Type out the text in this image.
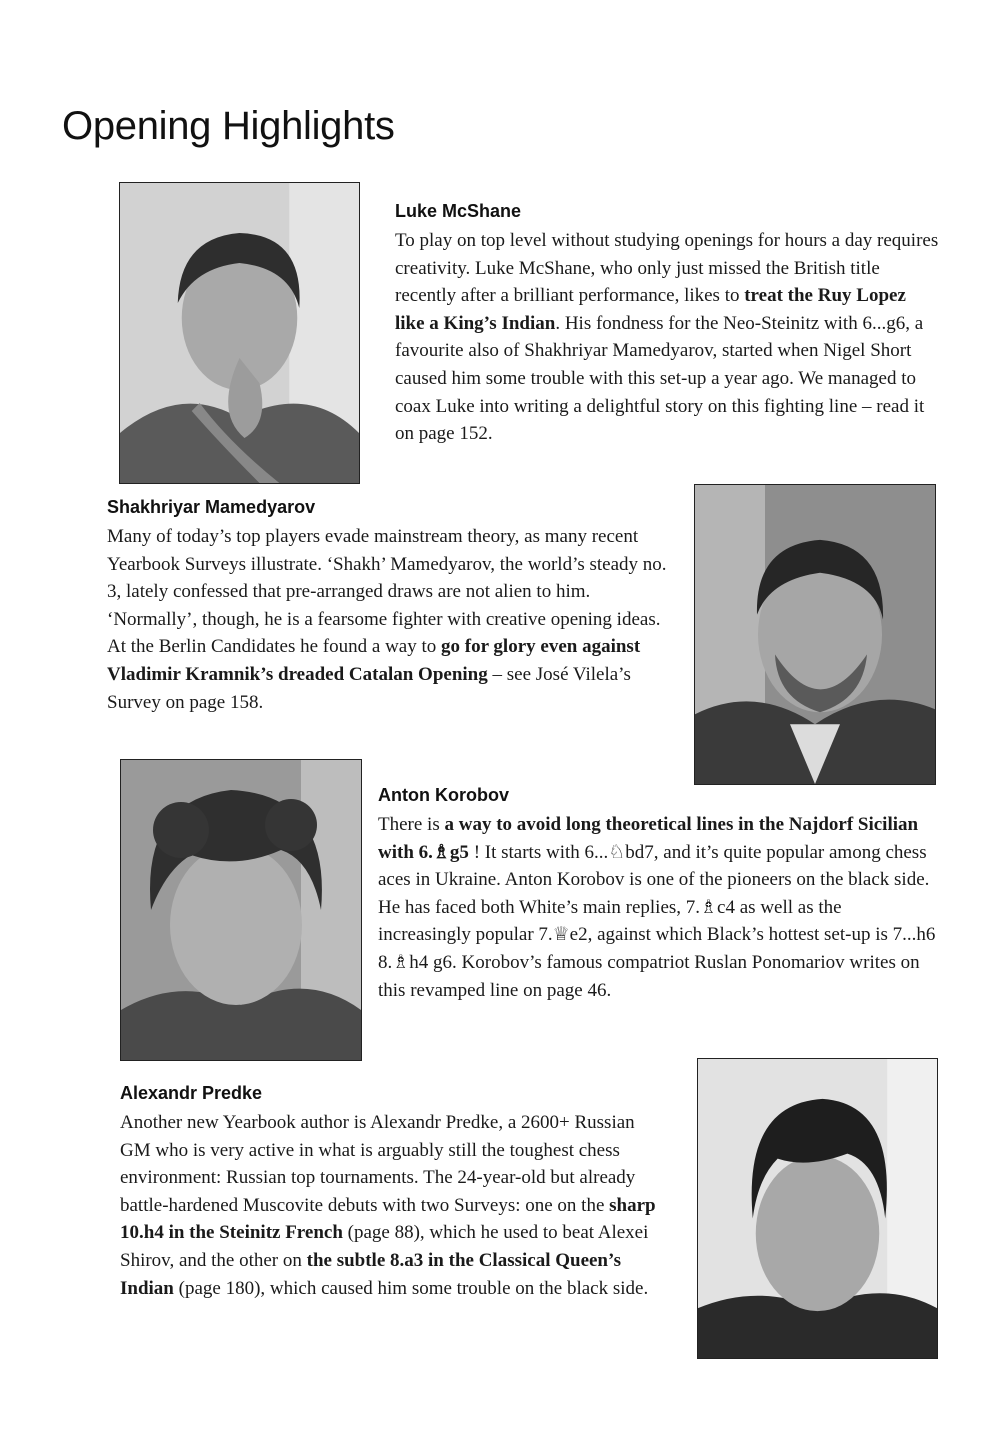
Opening Highlights
Luke McShane

To play on top level without studying openings for hours a day requires creativity. Luke McShane, who only just missed the British title recently after a brilliant performance, likes to treat the Ruy Lopez like a King’s Indian. His fondness for the Neo-Steinitz with 6...g6, a favourite also of Shakhriyar Mamedyarov, started when Nigel Short caused him some trouble with this set-up a year ago. We managed to coax Luke into writing a delightful story on this fighting line – read it on page 152.

Shakhriyar Mamedyarov

Many of today’s top players evade mainstream theory, as many recent Yearbook Surveys illustrate. ‘Shakh’ Mamedyarov, the world’s steady no. 3, lately confessed that pre-arranged draws are not alien to him. ‘Normally’, though, he is a fearsome fighter with creative opening ideas. At the Berlin Candidates he found a way to go for glory even against Vladimir Kramnik’s dreaded Catalan Opening – see José Vilela’s Survey on page 158.

Anton Korobov

There is a way to avoid long theoretical lines in the Najdorf Sicilian with 6.♗g5 ! It starts with 6...♘bd7, and it’s quite popular among chess aces in Ukraine. Anton Korobov is one of the pioneers on the black side. He has faced both White’s main replies, 7.♗c4 as well as the increasingly popular 7.♕e2, against which Black’s hottest set-up is 7...h6 8.♗h4 g6. Korobov’s famous compatriot Ruslan Ponomariov writes on this revamped line on page 46.

Alexandr Predke

Another new Yearbook author is Alexandr Predke, a 2600+ Russian GM who is very active in what is arguably still the toughest chess environment: Russian top tournaments. The 24-year-old but already battle-hardened Muscovite debuts with two Surveys: one on the sharp 10.h4 in the Steinitz French (page 88), which he used to beat Alexei Shirov, and the other on the subtle 8.a3 in the Classical Queen’s Indian (page 180), which caused him some trouble on the black side.
